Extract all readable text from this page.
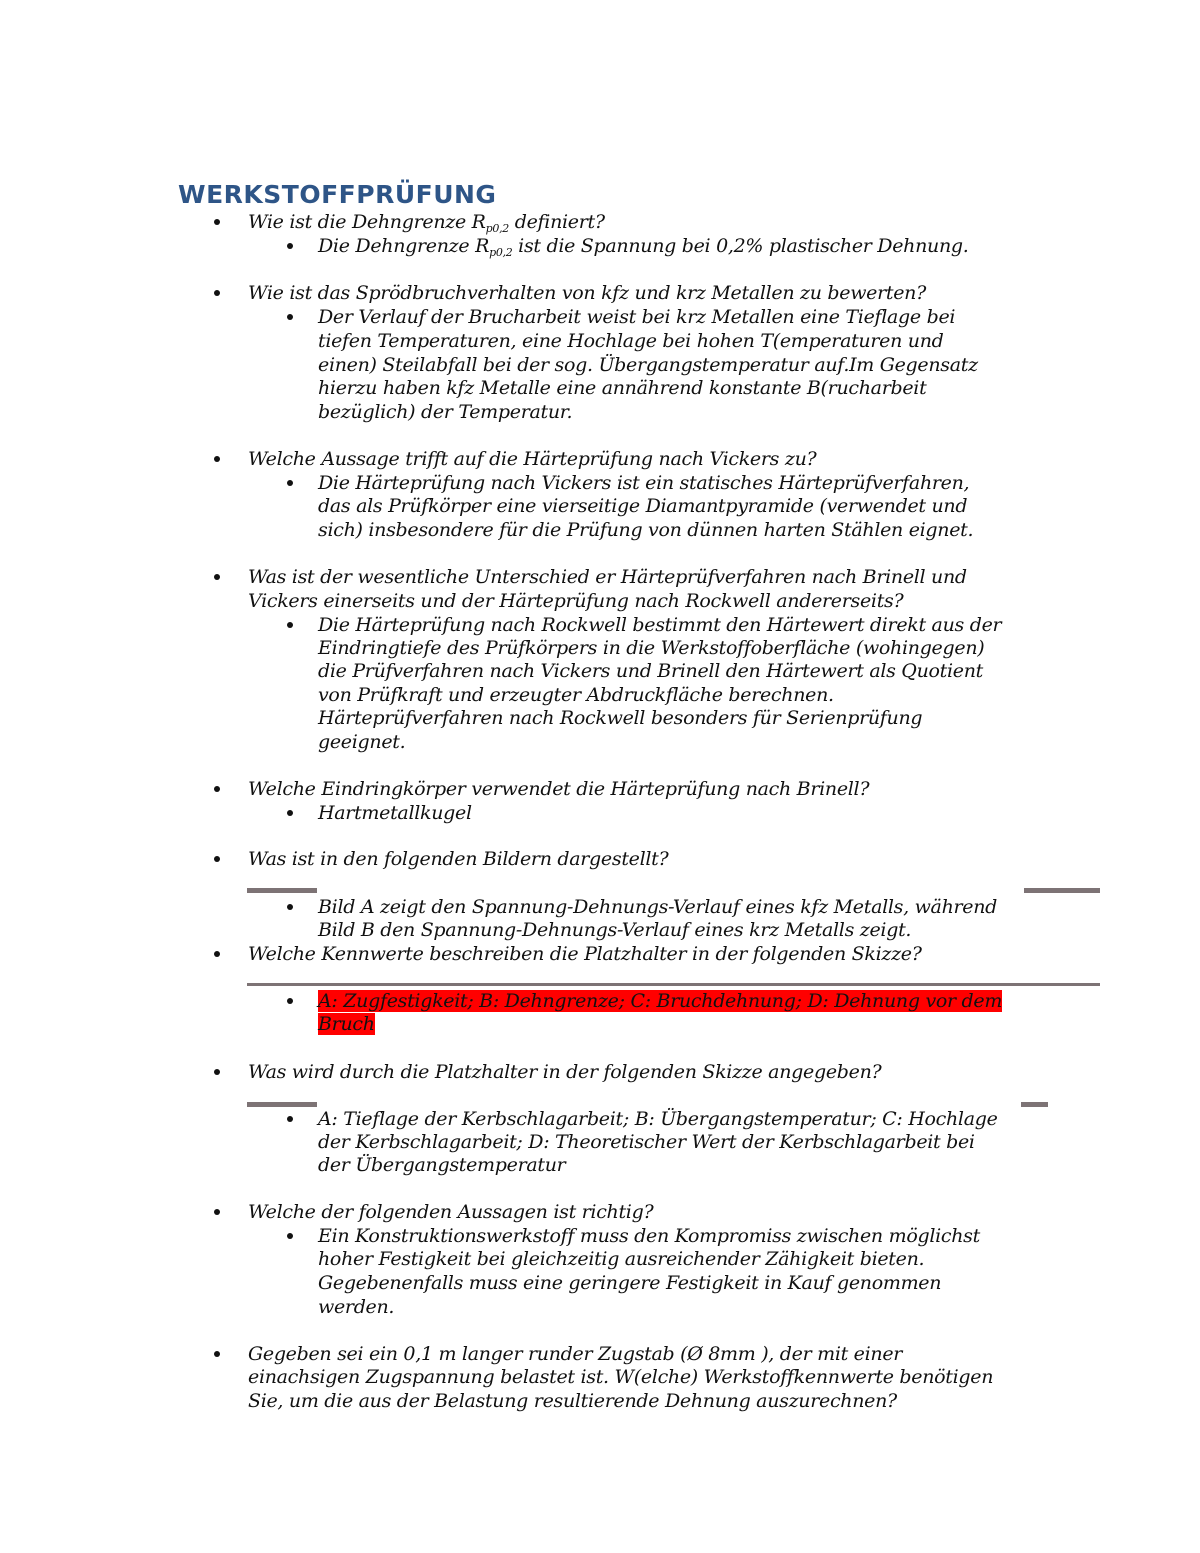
WERKSTOFFPRÜFUNG
Wie ist die Dehngrenze $R_{p0,2}$ definiert?
Die Dehngrenze $R_{p0,2}$ ist die Spannung bei 0,2% plastischer Dehnung.
Wie ist das Sprödbruchverhalten von kfz und krz Metallen zu bewerten?
Der Verlauf der Brucharbeit weist bei krz Metallen eine Tieflage bei
tiefen Temperaturen, eine Hochlage bei hohen T(emperaturen und
einen) Steilabfall bei der sog. Übergangstemperatur auf.Im Gegensatz
hierzu haben kfz Metalle eine annährend konstante B(rucharbeit
bezüglich) der Temperatur.
Welche Aussage trifft auf die Härteprüfung nach Vickers zu?
Die Härteprüfung nach Vickers ist ein statisches Härteprüfverfahren,
das als Prüfkörper eine vierseitige Diamantpyramide (verwendet und
sich) insbesondere für die Prüfung von dünnen harten Stählen eignet.
Was ist der wesentliche Unterschied er Härteprüfverfahren nach Brinell und
Vickers einerseits und der Härteprüfung nach Rockwell andererseits?
Die Härteprüfung nach Rockwell bestimmt den Härtewert direkt aus der
Eindringtiefe des Prüfkörpers in die Werkstoffoberfläche (wohingegen)
die Prüfverfahren nach Vickers und Brinell den Härtewert als Quotient
von Prüfkraft und erzeugter Abdruckfläche berechnen.
Härteprüfverfahren nach Rockwell besonders für Serienprüfung
geeignet.
Welche Eindringkörper verwendet die Härteprüfung nach Brinell?
Hartmetallkugel
Was ist in den folgenden Bildern dargestellt?
Bild A zeigt den Spannung-Dehnungs-Verlauf eines kfz Metalls, während
Bild B den Spannung-Dehnungs-Verlauf eines krz Metalls zeigt.
Welche Kennwerte beschreiben die Platzhalter in der folgenden Skizze?
A: Zugfestigkeit; B: Dehngrenze; C: Bruchdehnung; D: Dehnung vor dem
Bruch
Was wird durch die Platzhalter in der folgenden Skizze angegeben?
A: Tieflage der Kerbschlagarbeit; B: Übergangstemperatur; C: Hochlage
der Kerbschlagarbeit; D: Theoretischer Wert der Kerbschlagarbeit bei
der Übergangstemperatur
Welche der folgenden Aussagen ist richtig?
Ein Konstruktionswerkstoff muss den Kompromiss zwischen möglichst
hoher Festigkeit bei gleichzeitig ausreichender Zähigkeit bieten.
Gegebenenfalls muss eine geringere Festigkeit in Kauf genommen
werden.
Gegeben sei ein 0,1 m langer runder Zugstab (Ø 8mm ), der mit einer
einachsigen Zugspannung belastet ist. W(elche) Werkstoffkennwerte benötigen
Sie, um die aus der Belastung resultierende Dehnung auszurechnen?
